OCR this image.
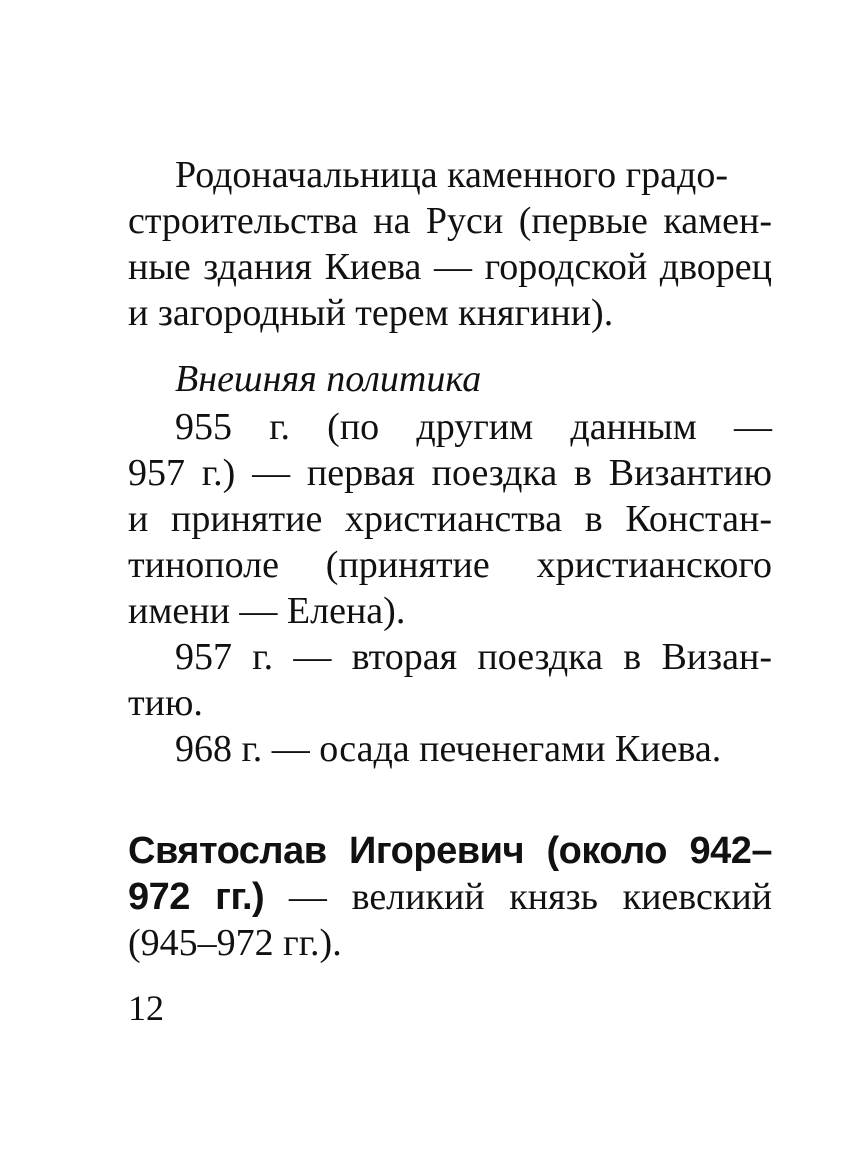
Родоначальница каменного градо-
строительства на Руси (первые камен-
ные здания Киева — городской дворец
и загородный терем княгини).
Внешняя политика
955 г. (по другим данным —
957 г.) — первая поездка в Византию
и принятие христианства в Констан-
тинополе (принятие христианского
имени — Елена).
957 г. — вторая поездка в Визан-
тию.
968 г. — осада печенегами Киева.
Святослав Игоревич (около 942–
972 гг.) — великий князь киевский
(945–972 гг.).
12
